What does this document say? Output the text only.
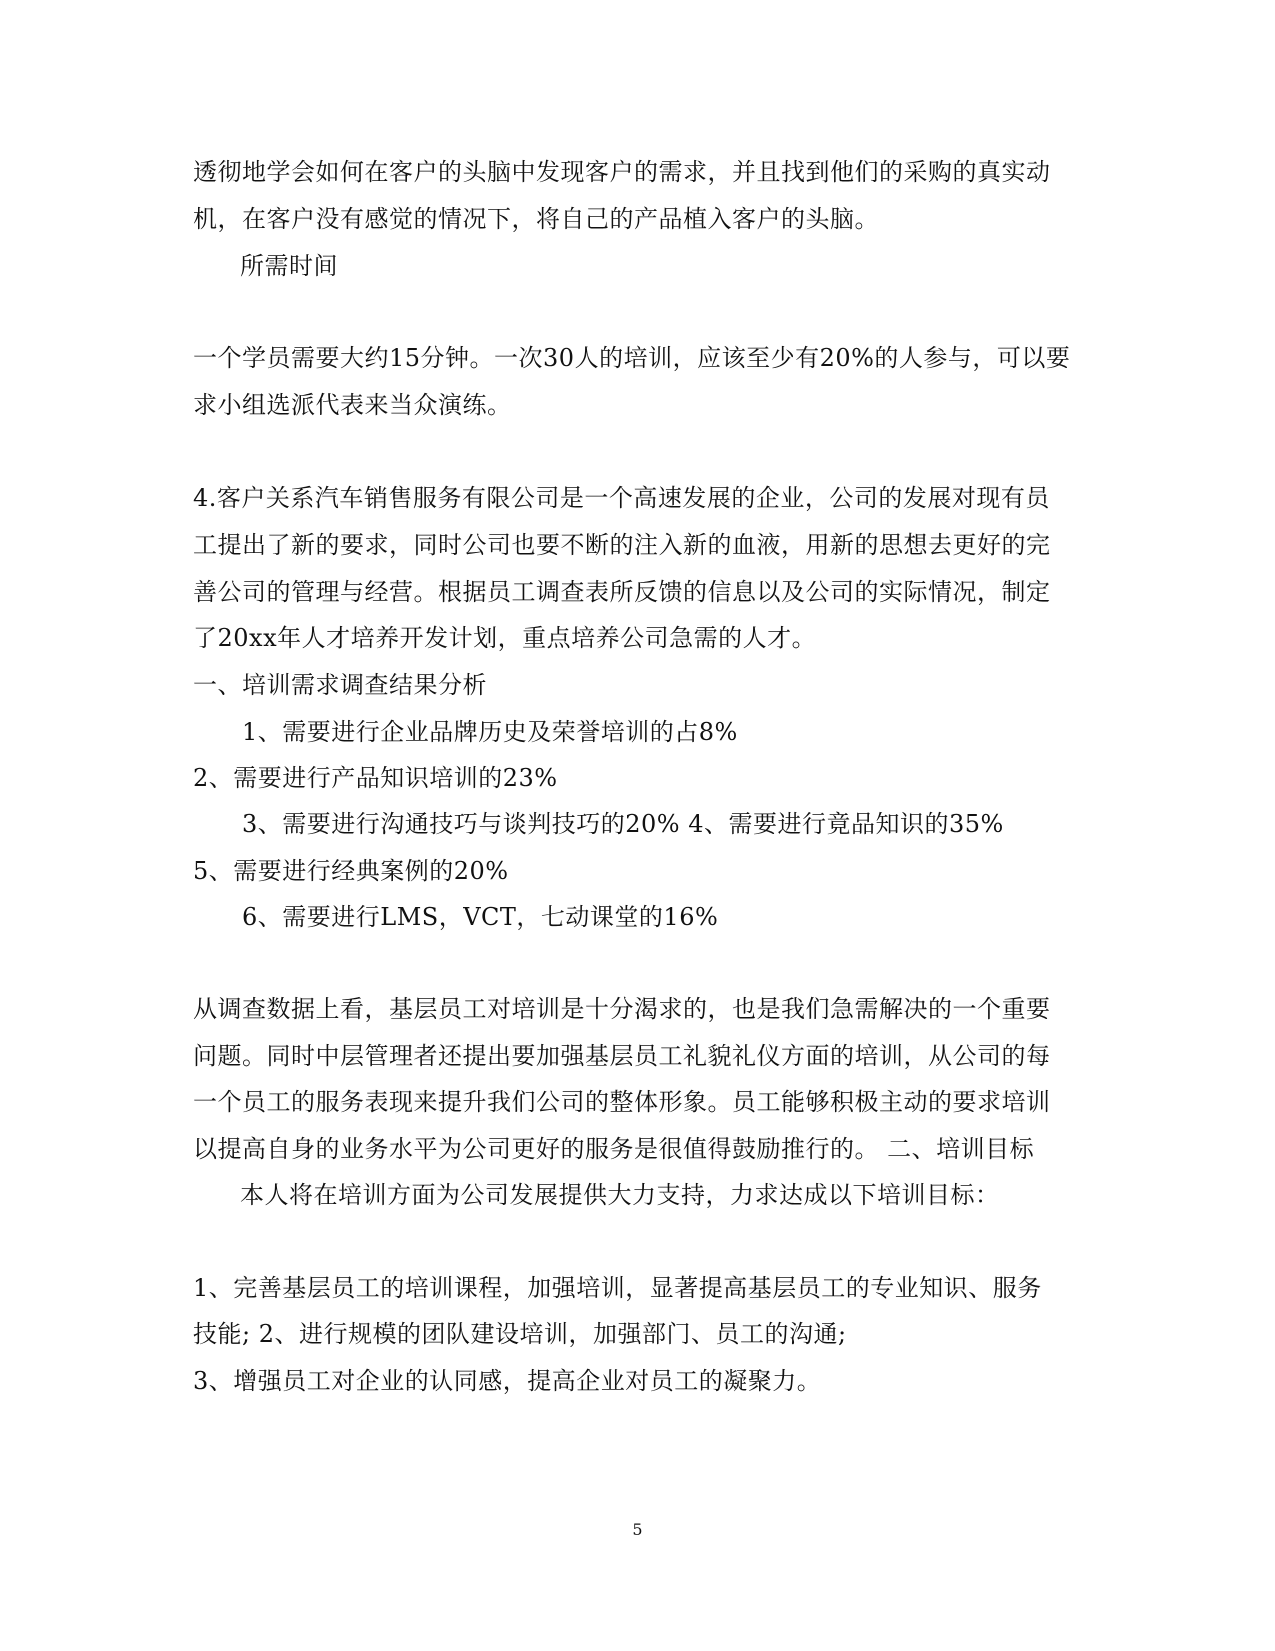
透彻地学会如何在客户的头脑中发现客户的需求，并且找到他们的采购的真实动
机，在客户没有感觉的情况下，将自己的产品植入客户的头脑。
所需时间
一个学员需要大约15分钟。一次30人的培训，应该至少有20%的人参与，可以要
求小组选派代表来当众演练。
4.客户关系汽车销售服务有限公司是一个高速发展的企业，公司的发展对现有员
工提出了新的要求，同时公司也要不断的注入新的血液，用新的思想去更好的完
善公司的管理与经营。根据员工调查表所反馈的信息以及公司的实际情况，制定
了20xx年人才培养开发计划，重点培养公司急需的人才。
一、培训需求调查结果分析
1、需要进行企业品牌历史及荣誉培训的占8%
2、需要进行产品知识培训的23%
3、需要进行沟通技巧与谈判技巧的20% 4、需要进行竟品知识的35%
5、需要进行经典案例的20%
6、需要进行LMS，VCT，七动课堂的16%
从调查数据上看，基层员工对培训是十分渴求的，也是我们急需解决的一个重要
问题。同时中层管理者还提出要加强基层员工礼貌礼仪方面的培训，从公司的每
一个员工的服务表现来提升我们公司的整体形象。员工能够积极主动的要求培训
以提高自身的业务水平为公司更好的服务是很值得鼓励推行的。 二、培训目标
本人将在培训方面为公司发展提供大力支持，力求达成以下培训目标：
1、完善基层员工的培训课程，加强培训，显著提高基层员工的专业知识、服务
技能; 2、进行规模的团队建设培训，加强部门、员工的沟通;
3、增强员工对企业的认同感，提高企业对员工的凝聚力。
5
